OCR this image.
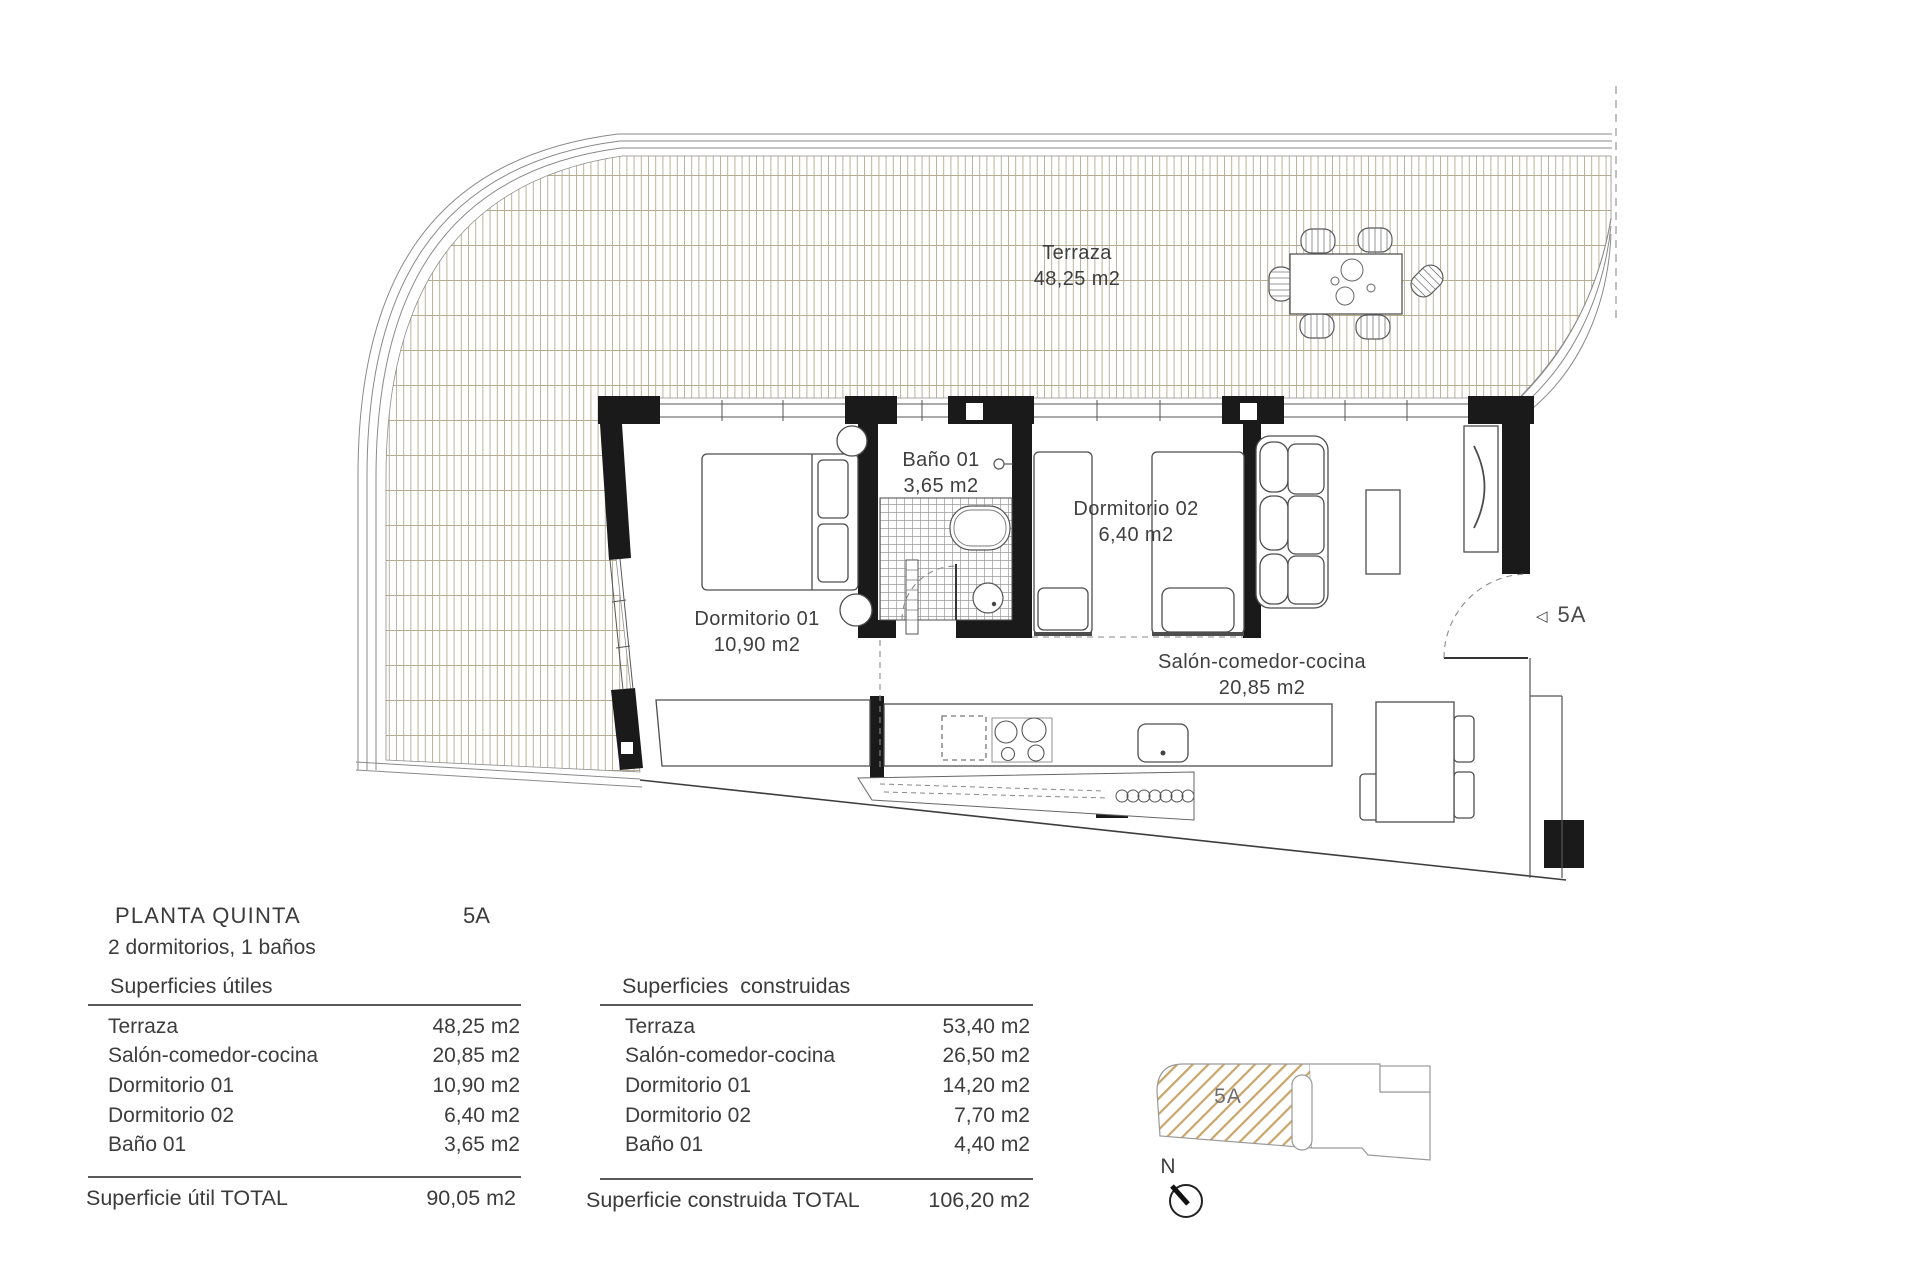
Terraza
48,25 m2
Dormitorio 01
10,90 m2
Baño 01
3,65 m2
Dormitorio 02
6,40 m2
Salón-comedor-cocina
20,85 m2
◁ 5A
PLANTA QUINTA	5A
2 dormitorios, 1 baños
Superficies útiles
Terraza	48,25 m2
Salón-comedor-cocina	20,85 m2
Dormitorio 01	10,90 m2
Dormitorio 02	6,40 m2
Baño 01	3,65 m2
Superficie útil TOTAL	90,05 m2
Superficies  construidas
Terraza	53,40 m2
Salón-comedor-cocina	26,50 m2
Dormitorio 01	14,20 m2
Dormitorio 02	7,70 m2
Baño 01	4,40 m2
Superficie construida TOTAL	106,20 m2
5A
N
